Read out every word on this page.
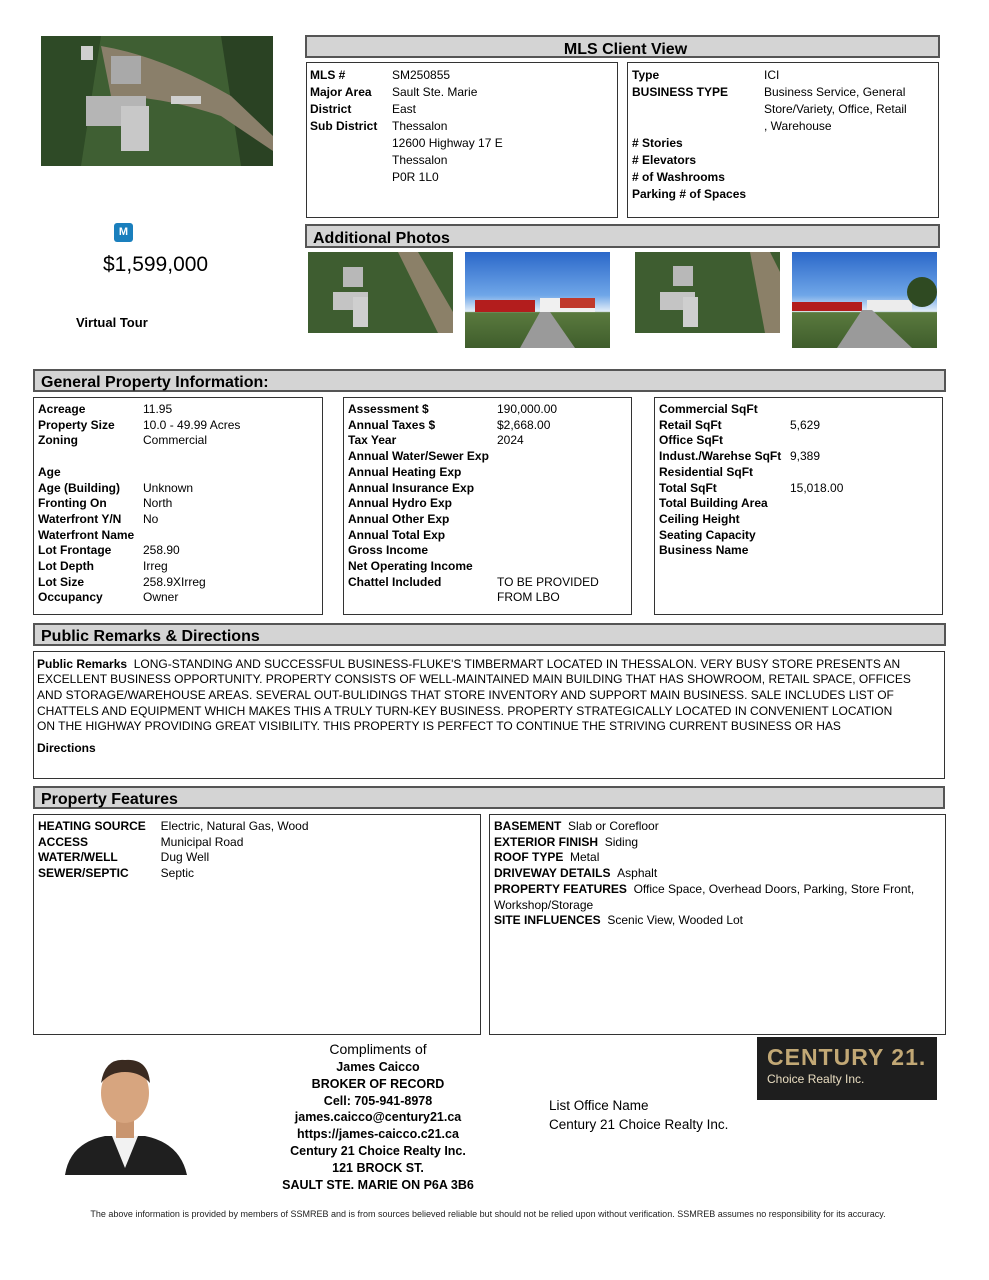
M
$1,599,000
Virtual Tour
MLS Client View
MLS #	SM250855
Major Area Sault Ste. Marie
District	East
Sub District Thessalon
12600 Highway 17 E
Thessalon
P0R 1L0
Type	ICI
BUSINESS TYPE	Business Service, General
Store/Variety, Office, Retail
, Warehouse
# Stories
# Elevators
# of Washrooms
Parking # of Spaces
Additional Photos
General Property Information:
Acreage	11.95
Property Size 10.0 - 49.99 Acres
Zoning	Commercial
Age
Age (Building) Unknown
Fronting On	North
Waterfront Y/N No
Waterfront Name
Lot Frontage	258.90
Lot Depth	Irreg
Lot Size	258.9XIrreg
Occupancy	Owner
Assessment $	190,000.00
Annual Taxes $	$2,668.00
Tax Year	2024
Annual Water/Sewer Exp
Annual Heating Exp
Annual Insurance Exp
Annual Hydro Exp
Annual Other Exp
Annual Total Exp
Gross Income
Net Operating Income
Chattel Included	TO BE PROVIDED
FROM LBO
Commercial SqFt
Retail SqFt	5,629
Office SqFt
Indust./Warehse SqFt 9,389
Residential SqFt
Total SqFt	15,018.00
Total Building Area
Ceiling Height
Seating Capacity
Business Name
Public Remarks & Directions
Public Remarks LONG-STANDING AND SUCCESSFUL BUSINESS-FLUKE'S TIMBERMART LOCATED IN THESSALON. VERY BUSY STORE PRESENTS AN
EXCELLENT BUSINESS OPPORTUNITY. PROPERTY CONSISTS OF WELL-MAINTAINED MAIN BUILDING THAT HAS SHOWROOM, RETAIL SPACE, OFFICES
AND STORAGE/WAREHOUSE AREAS. SEVERAL OUT-BULIDINGS THAT STORE INVENTORY AND SUPPORT MAIN BUSINESS. SALE INCLUDES LIST OF
CHATTELS AND EQUIPMENT WHICH MAKES THIS A TRULY TURN-KEY BUSINESS. PROPERTY STRATEGICALLY LOCATED IN CONVENIENT LOCATION
ON THE HIGHWAY PROVIDING GREAT VISIBILITY. THIS PROPERTY IS PERFECT TO CONTINUE THE STRIVING CURRENT BUSINESS OR HAS
Directions
Property Features
HEATING SOURCE Electric, Natural Gas, Wood
ACCESS	Municipal Road
WATER/WELL	Dug Well
SEWER/SEPTIC	Septic
BASEMENT Slab or Corefloor
EXTERIOR FINISH Siding
ROOF TYPE Metal
DRIVEWAY DETAILS Asphalt
PROPERTY FEATURES Office Space, Overhead Doors, Parking, Store Front,
Workshop/Storage
SITE INFLUENCES Scenic View, Wooded Lot
Compliments of
James Caicco
BROKER OF RECORD
Cell: 705-941-8978
james.caicco@century21.ca
https://james-caicco.c21.ca
Century 21 Choice Realty Inc.
121 BROCK ST.
SAULT STE. MARIE ON P6A 3B6
List Office Name
Century 21 Choice Realty Inc.
CENTURY 21.
Choice Realty Inc.
The above information is provided by members of SSMREB and is from sources believed reliable but should not be relied upon without verification. SSMREB assumes no responsibility for its accuracy.
